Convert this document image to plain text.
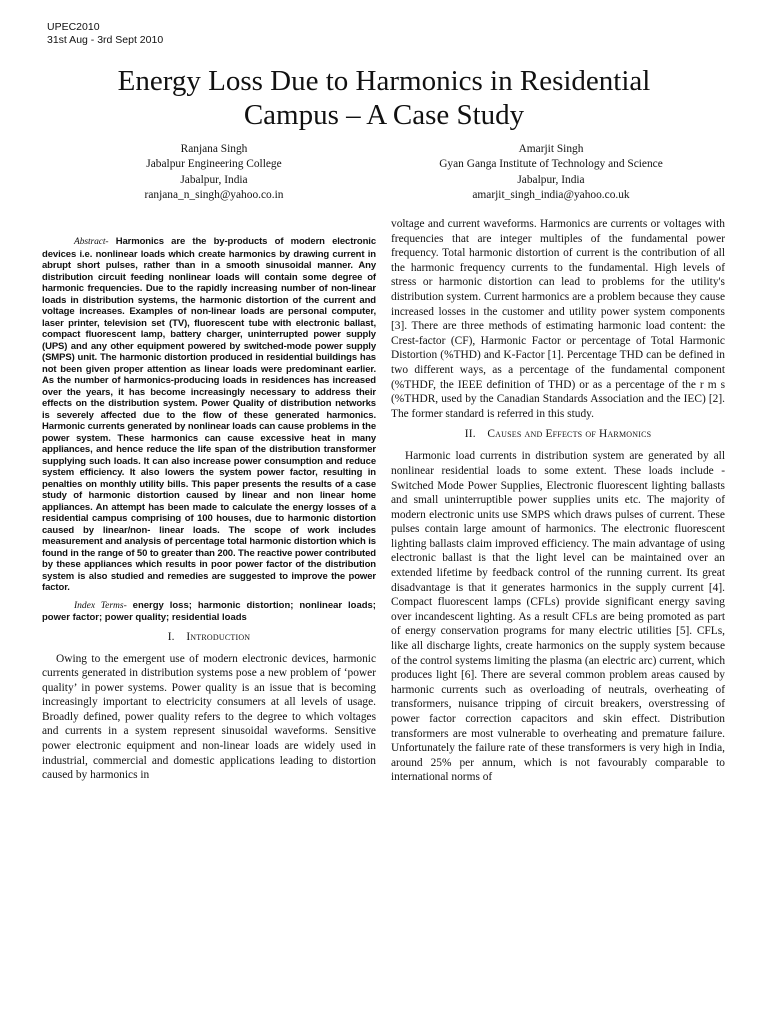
UPEC2010
31st Aug - 3rd Sept 2010
Energy Loss Due to Harmonics in Residential
Campus – A Case Study
Ranjana Singh
Jabalpur Engineering College
Jabalpur, India
ranjana_n_singh@yahoo.co.in
Amarjit Singh
Gyan Ganga Institute of Technology and Science
Jabalpur, India
amarjit_singh_india@yahoo.co.uk

Abstract- Harmonics are the by-products of modern electronic devices i.e. nonlinear loads which create harmonics by drawing current in abrupt short pulses, rather than in a smooth sinusoidal manner. Any distribution circuit feeding nonlinear loads will contain some degree of harmonic frequencies. Due to the rapidly increasing number of non-linear loads in distribution systems, the harmonic distortion of the current and voltage increases. Examples of non-linear loads are personal computer, laser printer, television set (TV), fluorescent tube with electronic ballast, compact fluorescent lamp, battery charger, uninterrupted power supply (UPS) and any other equipment powered by switched-mode power supply (SMPS) unit. The harmonic distortion produced in residential buildings has not been given proper attention as linear loads were predominant earlier. As the number of harmonics-producing loads in residences has increased over the years, it has become increasingly necessary to address their effects on the distribution system. Power Quality of distribution networks is severely affected due to the flow of these generated harmonics. Harmonic currents generated by nonlinear loads can cause problems in the power system. These harmonics can cause excessive heat in many appliances, and hence reduce the life span of the distribution transformer supplying such loads. It can also increase power consumption and reduce system efficiency. It also lowers the system power factor, resulting in penalties on monthly utility bills. This paper presents the results of a case study of harmonic distortion caused by linear and non linear home appliances. An attempt has been made to calculate the energy losses of a residential campus comprising of 100 houses, due to harmonic distortion caused by linear/non- linear loads. The scope of work includes measurement and analysis of percentage total harmonic distortion which is found in the range of 50 to greater than 200. The reactive power contributed by these appliances which results in poor power factor of the distribution system is also studied and remedies are suggested to improve the power factor.

Index Terms- energy loss; harmonic distortion; nonlinear loads; power factor; power quality; residential loads

I. Introduction

Owing to the emergent use of modern electronic devices, harmonic currents generated in distribution systems pose a new problem of ‘power quality’ in power systems. Power quality is an issue that is becoming increasingly important to electricity consumers at all levels of usage. Broadly defined, power quality refers to the degree to which voltages and currents in a system represent sinusoidal waveforms. Sensitive power electronic equipment and non-linear loads are widely used in industrial, commercial and domestic applications leading to distortion caused by harmonics in

voltage and current waveforms. Harmonics are currents or voltages with frequencies that are integer multiples of the fundamental power frequency. Total harmonic distortion of current is the contribution of all the harmonic frequency currents to the fundamental. High levels of stress or harmonic distortion can lead to problems for the utility's distribution system. Current harmonics are a problem because they cause increased losses in the customer and utility power system components [3]. There are three methods of estimating harmonic load content: the Crest-factor (CF), Harmonic Factor or percentage of Total Harmonic Distortion (%THD) and K-Factor [1]. Percentage THD can be defined in two different ways, as a percentage of the fundamental component (%THDF, the IEEE definition of THD) or as a percentage of the r m s (%THDR, used by the Canadian Standards Association and the IEC) [2]. The former standard is referred in this study.

II. Causes and Effects of Harmonics

Harmonic load currents in distribution system are generated by all nonlinear residential loads to some extent. These loads include - Switched Mode Power Supplies, Electronic fluorescent lighting ballasts and small uninterruptible power supplies units etc. The majority of modern electronic units use SMPS which draws pulses of current. These pulses contain large amount of harmonics. The electronic fluorescent lighting ballasts claim improved efficiency. The main advantage of using electronic ballast is that the light level can be maintained over an extended lifetime by feedback control of the running current. Its great disadvantage is that it generates harmonics in the supply current [4]. Compact fluorescent lamps (CFLs) provide significant energy saving over incandescent lighting. As a result CFLs are being promoted as part of energy conservation programs for many electric utilities [5]. CFLs, like all discharge lights, create harmonics on the supply system because of the control systems limiting the plasma (an electric arc) current, which produces light [6]. There are several common problem areas caused by harmonic currents such as overloading of neutrals, overheating of transformers, nuisance tripping of circuit breakers, overstressing of power factor correction capacitors and skin effect. Distribution transformers are most vulnerable to overheating and premature failure. Unfortunately the failure rate of these transformers is very high in India, around 25% per annum, which is not favourably comparable to international norms of
